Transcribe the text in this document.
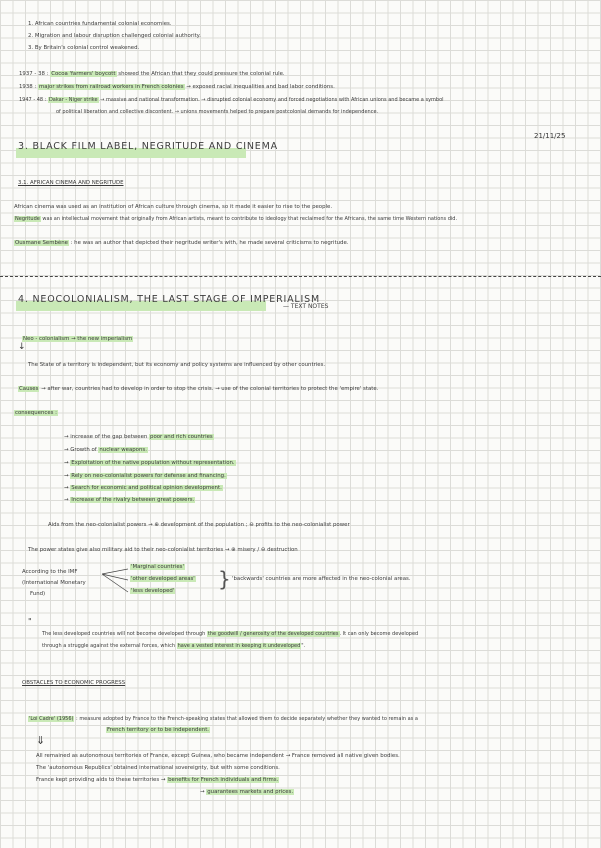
1. African countries fundamental colonial economies.
2. Migration and labour disruption challenged colonial authority.
3. By Britain's colonial control weakened.
1937 - 38 : Cocoa 'farmers' boycott showed the African that they could pressure the colonial rule.
1938 : major strikes from railroad workers in French colonies → exposed racial inequalities and bad labor conditions.
1947 - 48 : Dakar - Niger strike → massive and national transformation. → disrupted colonial economy and forced negotiations with African unions and became a symbol
of political liberation and collective discontent. → unions movements helped to prepare postcolonial demands for independence.
21/11/25
3. BLACK FILM LABEL, NEGRITUDE AND CINEMA
3.1. AFRICAN CINEMA AND NEGRITUDE
African cinema was used as an institution of African culture through cinema, so it made it easier to rise to the people.
Negritude was an intellectual movement that originally from African artists, meant to contribute to ideology that reclaimed for the Africans, the same time Western nations did.
Ousmane Sembène : he was an author that depicted their negritude writer's with, he made several criticisms to negritude.
4. NEOCOLONIALISM, THE LAST STAGE OF IMPERIALISM
— TEXT NOTES
Neo - colonialism → the new imperialism
↓
The State of a territory is independent, but its economy and policy systems are influenced by other countries.
Causes → after war, countries had to develop in order to stop the crisis. → use of the colonial territories to protect the 'empire' state.
consequences :
→ increase of the gap between poor and rich countries
→ Growth of nuclear weapons.
→ Exploitation of the native population without representation.
→ Rely on neo-colonialist powers for defense and financing.
→ Search for economic and political opinion development.
→ Increase of the rivalry between great powers.
Aids from the neo-colonialist powers → ⊕ development of the population ; ⊖ profits to the neo-colonialist power
The power states give also military aid to their neo-colonialist territories → ⊕ misery / ⊖ destruction
According to the IMF
(International Monetary
Fund)
'Marginal countries'
'other developed areas'
'less developed' } 'backwards' countries are more affected in the neo-colonial areas.
"
The less developed countries will not become developed through the goodwill / generosity of the developed countries. It can only become developed
through a struggle against the external forces, which have a vested interest in keeping it undeveloped".
OBSTACLES TO ECONOMIC PROGRESS
'Loi Cadre' (1956) : measure adopted by France to the French-speaking states that allowed them to decide separately whether they wanted to remain as a
French territory or to be independent.
⇓
All remained as autonomous territories of France, except Guinea, who became independent → France removed all native given bodies.
The 'autonomous Republics' obtained international sovereignty, but with some conditions.
France kept providing aids to these territories → benefits for French individuals and firms.
→ guarantees markets and prices.
